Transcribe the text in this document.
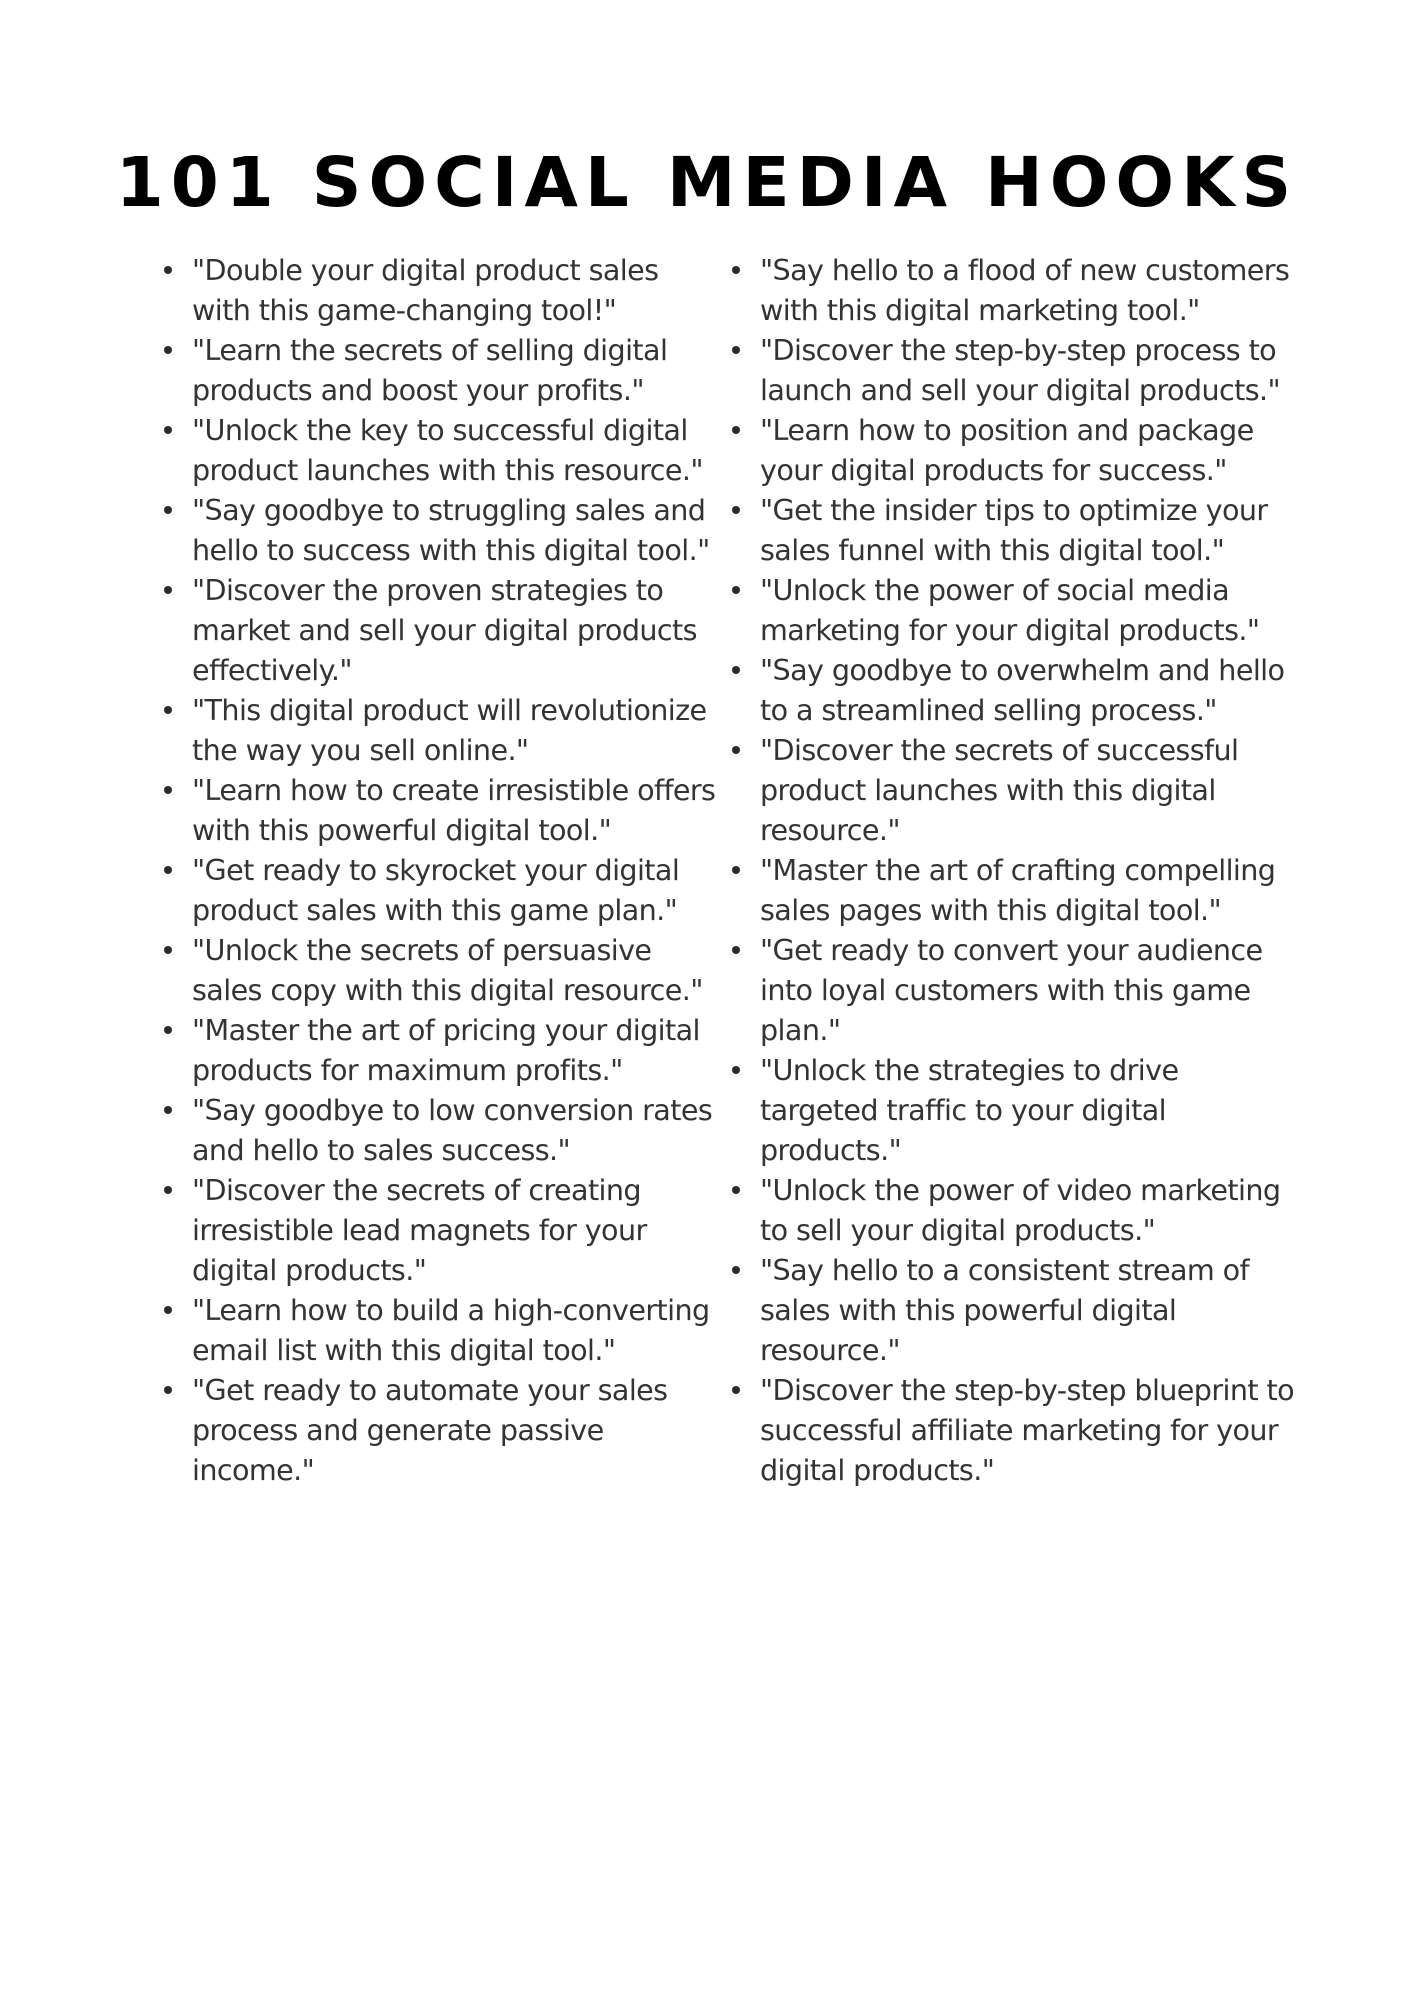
101 SOCIAL MEDIA HOOKS
"Double your digital product sales with this game-changing tool!"
"Learn the secrets of selling digital products and boost your profits."
"Unlock the key to successful digital product launches with this resource."
"Say goodbye to struggling sales and hello to success with this digital tool."
"Discover the proven strategies to market and sell your digital products effectively."
"This digital product will revolutionize the way you sell online."
"Learn how to create irresistible offers with this powerful digital tool."
"Get ready to skyrocket your digital product sales with this game plan."
"Unlock the secrets of persuasive sales copy with this digital resource."
"Master the art of pricing your digital products for maximum profits."
"Say goodbye to low conversion rates and hello to sales success."
"Discover the secrets of creating irresistible lead magnets for your digital products."
"Learn how to build a high-converting email list with this digital tool."
"Get ready to automate your sales process and generate passive income."
"Say hello to a flood of new customers with this digital marketing tool."
"Discover the step-by-step process to launch and sell your digital products."
"Learn how to position and package your digital products for success."
"Get the insider tips to optimize your sales funnel with this digital tool."
"Unlock the power of social media marketing for your digital products."
"Say goodbye to overwhelm and hello to a streamlined selling process."
"Discover the secrets of successful product launches with this digital resource."
"Master the art of crafting compelling sales pages with this digital tool."
"Get ready to convert your audience into loyal customers with this game plan."
"Unlock the strategies to drive targeted traffic to your digital products."
"Unlock the power of video marketing to sell your digital products."
"Say hello to a consistent stream of sales with this powerful digital resource."
"Discover the step-by-step blueprint to successful affiliate marketing for your digital products."
